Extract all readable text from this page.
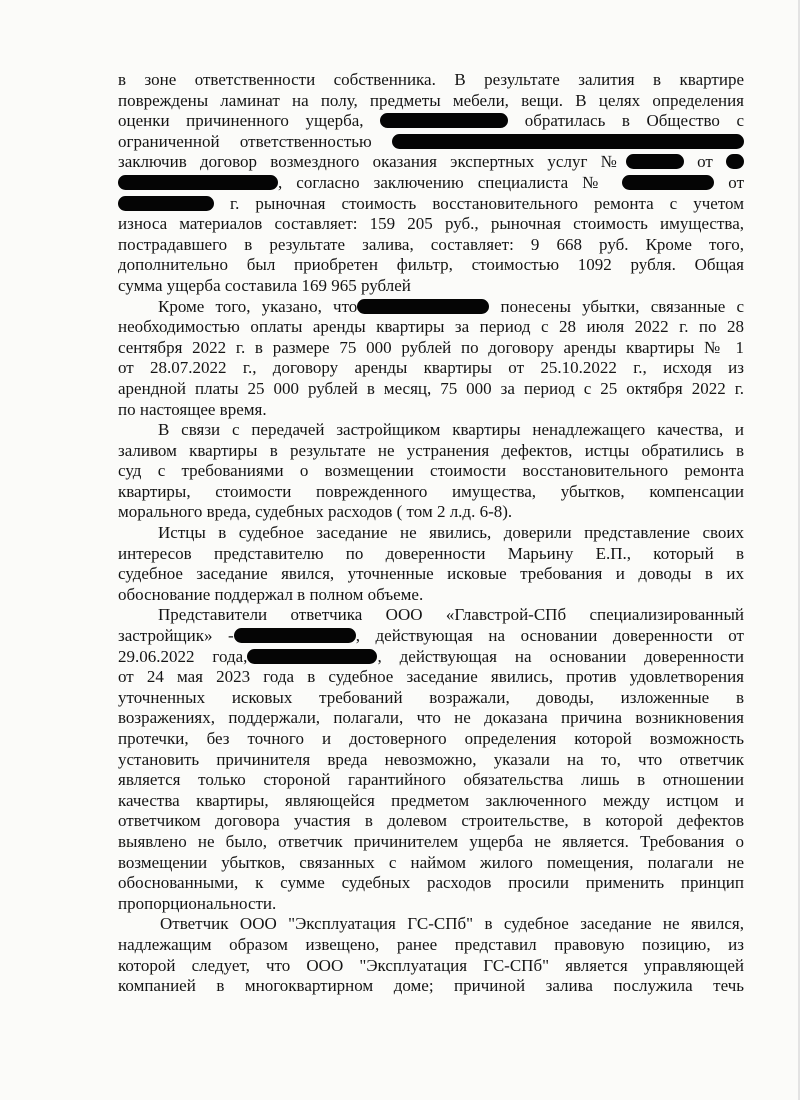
в зоне ответственности собственника. В результате залития в квартире
повреждены ламинат на полу, предметы мебели, вещи. В целях определения
оценки причиненного ущерба,	обратилась в Общество с
ограниченной ответственностью
заключив договор возмездного оказания экспертных услуг №	от
, согласно заключению специалиста №	от
г. рыночная стоимость восстановительного ремонта с учетом
износа материалов составляет: 159 205 руб., рыночная стоимость имущества,
пострадавшего в результате залива, составляет: 9 668 руб. Кроме того,
дополнительно был приобретен фильтр, стоимостью 1092 рубля. Общая
сумма ущерба составила 169 965 рублей
Кроме того, указано, что	понесены убытки, связанные с
необходимостью оплаты аренды квартиры за период с 28 июля 2022 г. по 28
сентября 2022 г. в размере 75 000 рублей по договору аренды квартиры № 1
от 28.07.2022 г., договору аренды квартиры от 25.10.2022 г., исходя из
арендной платы 25 000 рублей в месяц, 75 000 за период с 25 октября 2022 г.
по настоящее время.
В связи с передачей застройщиком квартиры ненадлежащего качества, и
заливом квартиры в результате не устранения дефектов, истцы обратились в
суд с требованиями о возмещении стоимости восстановительного ремонта
квартиры, стоимости поврежденного имущества, убытков, компенсации
морального вреда, судебных расходов ( том 2 л.д. 6-8).
Истцы в судебное заседание не явились, доверили представление своих
интересов представителю по доверенности Марьину Е.П., который в
судебное заседание явился, уточненные исковые требования и доводы в их
обоснование поддержал в полном объеме.
Представители ответчика ООО «Главстрой-СПб специализированный
застройщик» -	, действующая на основании доверенности от
29.06.2022 года,	, действующая на основании доверенности
от 24 мая 2023 года в судебное заседание явились, против удовлетворения
уточненных исковых требований возражали, доводы, изложенные в
возражениях, поддержали, полагали, что не доказана причина возникновения
протечки, без точного и достоверного определения которой возможность
установить причинителя вреда невозможно, указали на то, что ответчик
является только стороной гарантийного обязательства лишь в отношении
качества квартиры, являющейся предметом заключенного между истцом и
ответчиком договора участия в долевом строительстве, в которой дефектов
выявлено не было, ответчик причинителем ущерба не является. Требования о
возмещении убытков, связанных с наймом жилого помещения, полагали не
обоснованными, к сумме судебных расходов просили применить принцип
пропорциональности.
Ответчик ООО "Эксплуатация ГС-СПб" в судебное заседание не явился,
надлежащим образом извещено, ранее представил правовую позицию, из
которой следует, что ООО "Эксплуатация ГС-СПб" является управляющей
компанией в многоквартирном доме; причиной залива послужила течь
